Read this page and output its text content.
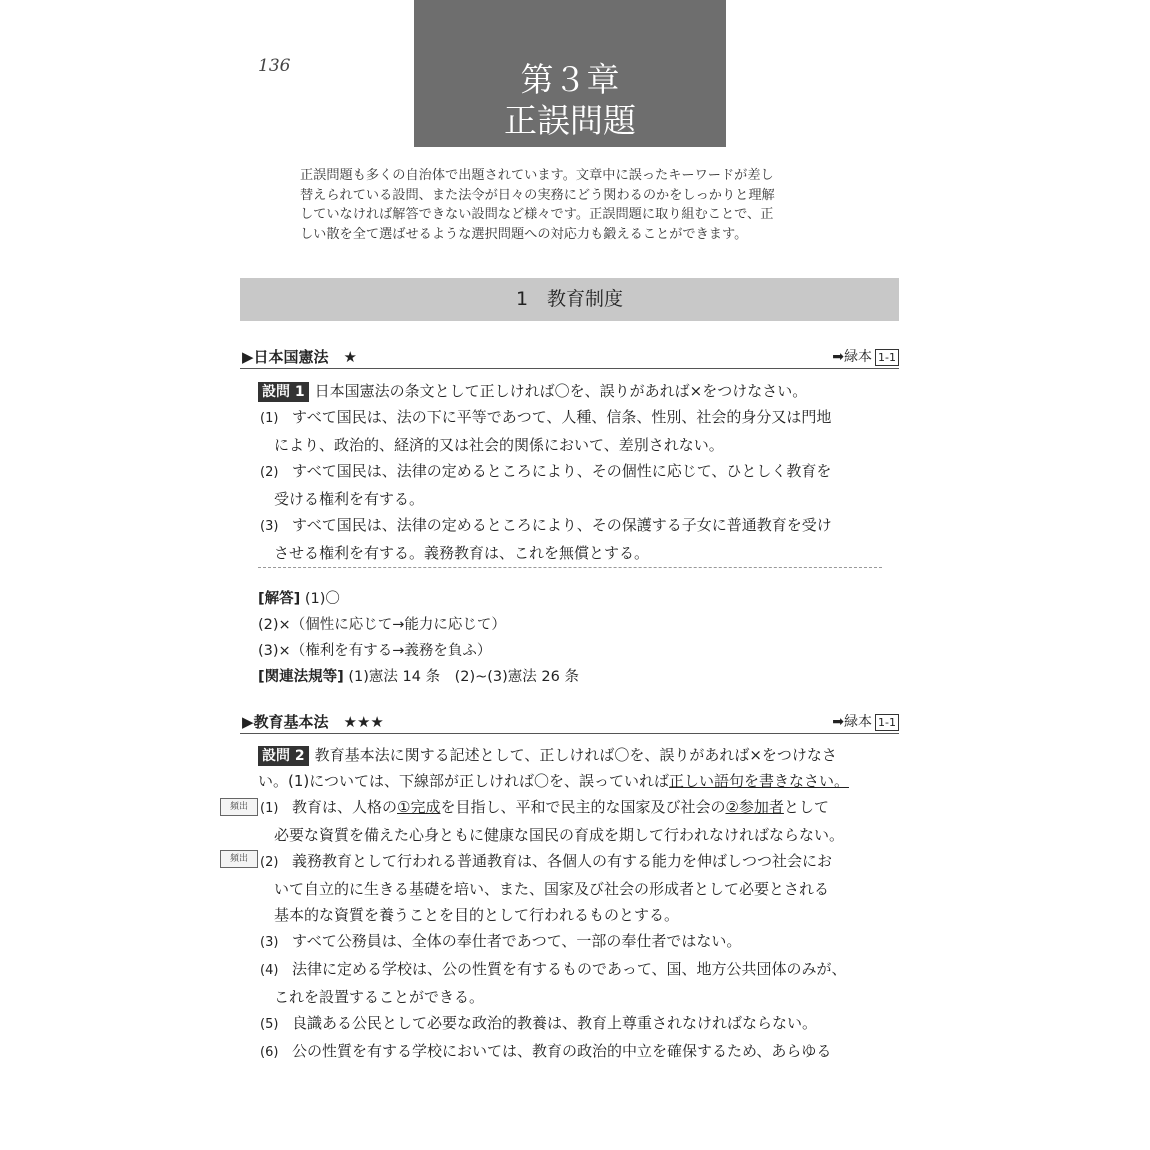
136	第３章
正誤問題
正誤問題も多くの自治体で出題されています。文章中に誤ったキーワードが差し
替えられている設問、また法令が日々の実務にどう関わるのかをしっかりと理解
していなければ解答できない設問など様々です。正誤問題に取り組むことで、正
しい散を全て選ばせるような選択問題への対応力も鍛えることができます。
1　教育制度
▶日本国憲法　★	➡緑本 1-1
設問 1 日本国憲法の条文として正しければ〇を、誤りがあれば×をつけなさい。
(1) すべて国民は、法の下に平等であつて、人種、信条、性別、社会的身分又は門地
により、政治的、経済的又は社会的関係において、差別されない。
(2) すべて国民は、法律の定めるところにより、その個性に応じて、ひとしく教育を
受ける権利を有する。
(3) すべて国民は、法律の定めるところにより、その保護する子女に普通教育を受け
させる権利を有する。義務教育は、これを無償とする。
[解答] (1)〇
(2)×（個性に応じて→能力に応じて）
(3)×（権利を有する→義務を負ふ）
[関連法規等] (1)憲法 14 条　(2)~(3)憲法 26 条
▶教育基本法　★★★	➡緑本 1-1
頻出
頻出
設問 2 教育基本法に関する記述として、正しければ〇を、誤りがあれば×をつけなさ
い。(1)については、下線部が正しければ〇を、誤っていれば正しい語句を書きなさい。
(1) 教育は、人格の①完成を目指し、平和で民主的な国家及び社会の②参加者として
必要な資質を備えた心身ともに健康な国民の育成を期して行われなければならない。
(2) 義務教育として行われる普通教育は、各個人の有する能力を伸ばしつつ社会にお
いて自立的に生きる基礎を培い、また、国家及び社会の形成者として必要とされる
基本的な資質を養うことを目的として行われるものとする。
(3) すべて公務員は、全体の奉仕者であつて、一部の奉仕者ではない。
(4) 法律に定める学校は、公の性質を有するものであって、国、地方公共団体のみが、
これを設置することができる。
(5) 良識ある公民として必要な政治的教養は、教育上尊重されなければならない。
(6) 公の性質を有する学校においては、教育の政治的中立を確保するため、あらゆる
